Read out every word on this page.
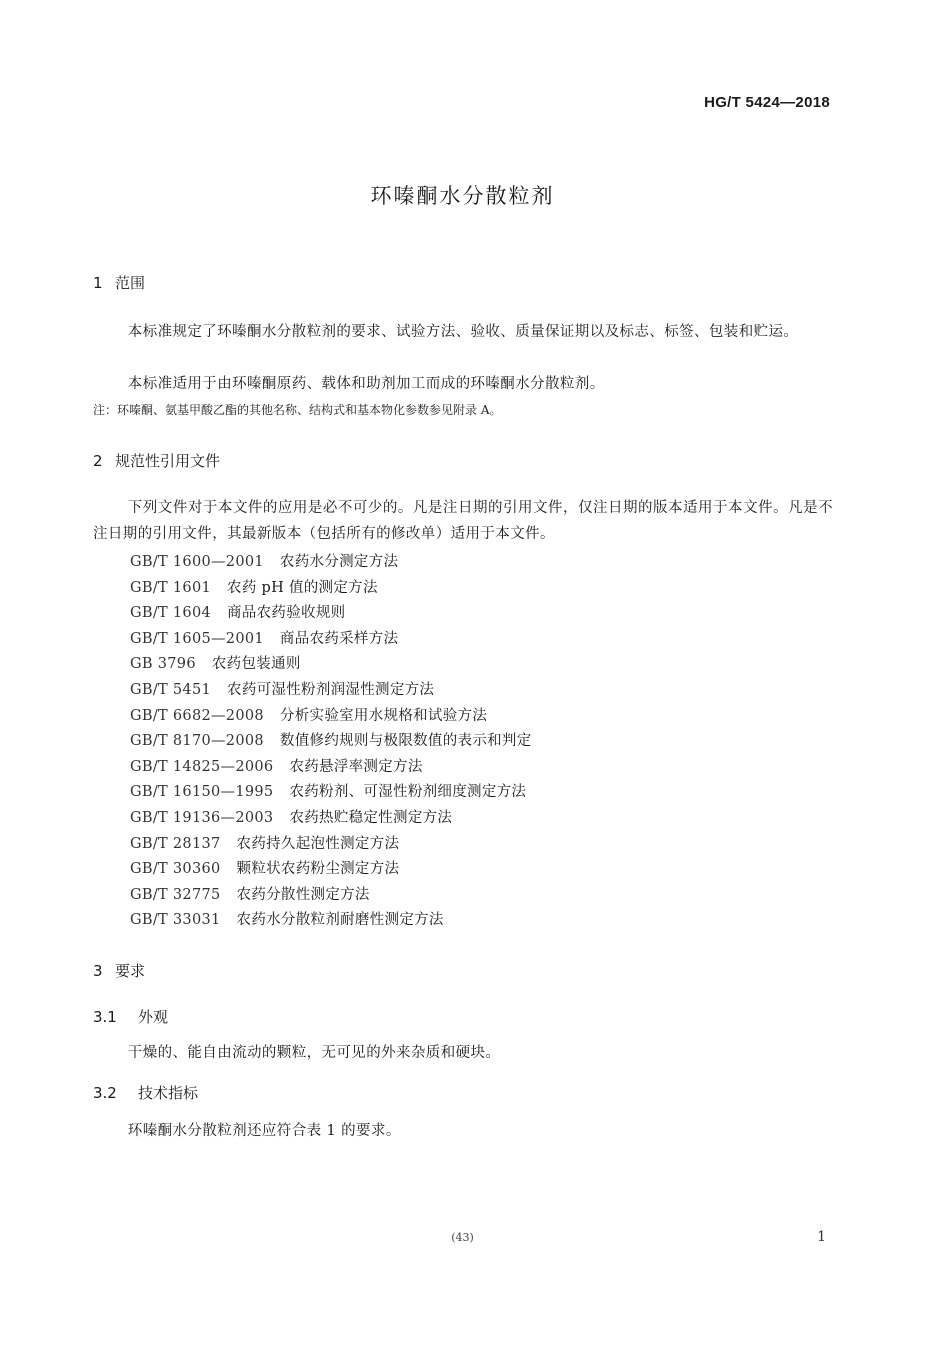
HG/T 5424—2018
环嗪酮水分散粒剂
1 范围
本标准规定了环嗪酮水分散粒剂的要求、试验方法、验收、质量保证期以及标志、标签、包装和贮运。
本标准适用于由环嗪酮原药、载体和助剂加工而成的环嗪酮水分散粒剂。
注：环嗪酮、氨基甲酸乙酯的其他名称、结构式和基本物化参数参见附录 A。
2 规范性引用文件
下列文件对于本文件的应用是必不可少的。凡是注日期的引用文件，仅注日期的版本适用于本文件。凡是不注日期的引用文件，其最新版本（包括所有的修改单）适用于本文件。
GB/T 1600—2001 农药水分测定方法
GB/T 1601 农药 pH 值的测定方法
GB/T 1604 商品农药验收规则
GB/T 1605—2001 商品农药采样方法
GB 3796 农药包装通则
GB/T 5451 农药可湿性粉剂润湿性测定方法
GB/T 6682—2008 分析实验室用水规格和试验方法
GB/T 8170—2008 数值修约规则与极限数值的表示和判定
GB/T 14825—2006 农药悬浮率测定方法
GB/T 16150—1995 农药粉剂、可湿性粉剂细度测定方法
GB/T 19136—2003 农药热贮稳定性测定方法
GB/T 28137 农药持久起泡性测定方法
GB/T 30360 颗粒状农药粉尘测定方法
GB/T 32775 农药分散性测定方法
GB/T 33031 农药水分散粒剂耐磨性测定方法
3 要求
3.1 外观
干燥的、能自由流动的颗粒，无可见的外来杂质和硬块。
3.2 技术指标
环嗪酮水分散粒剂还应符合表 1 的要求。
(43)	1
